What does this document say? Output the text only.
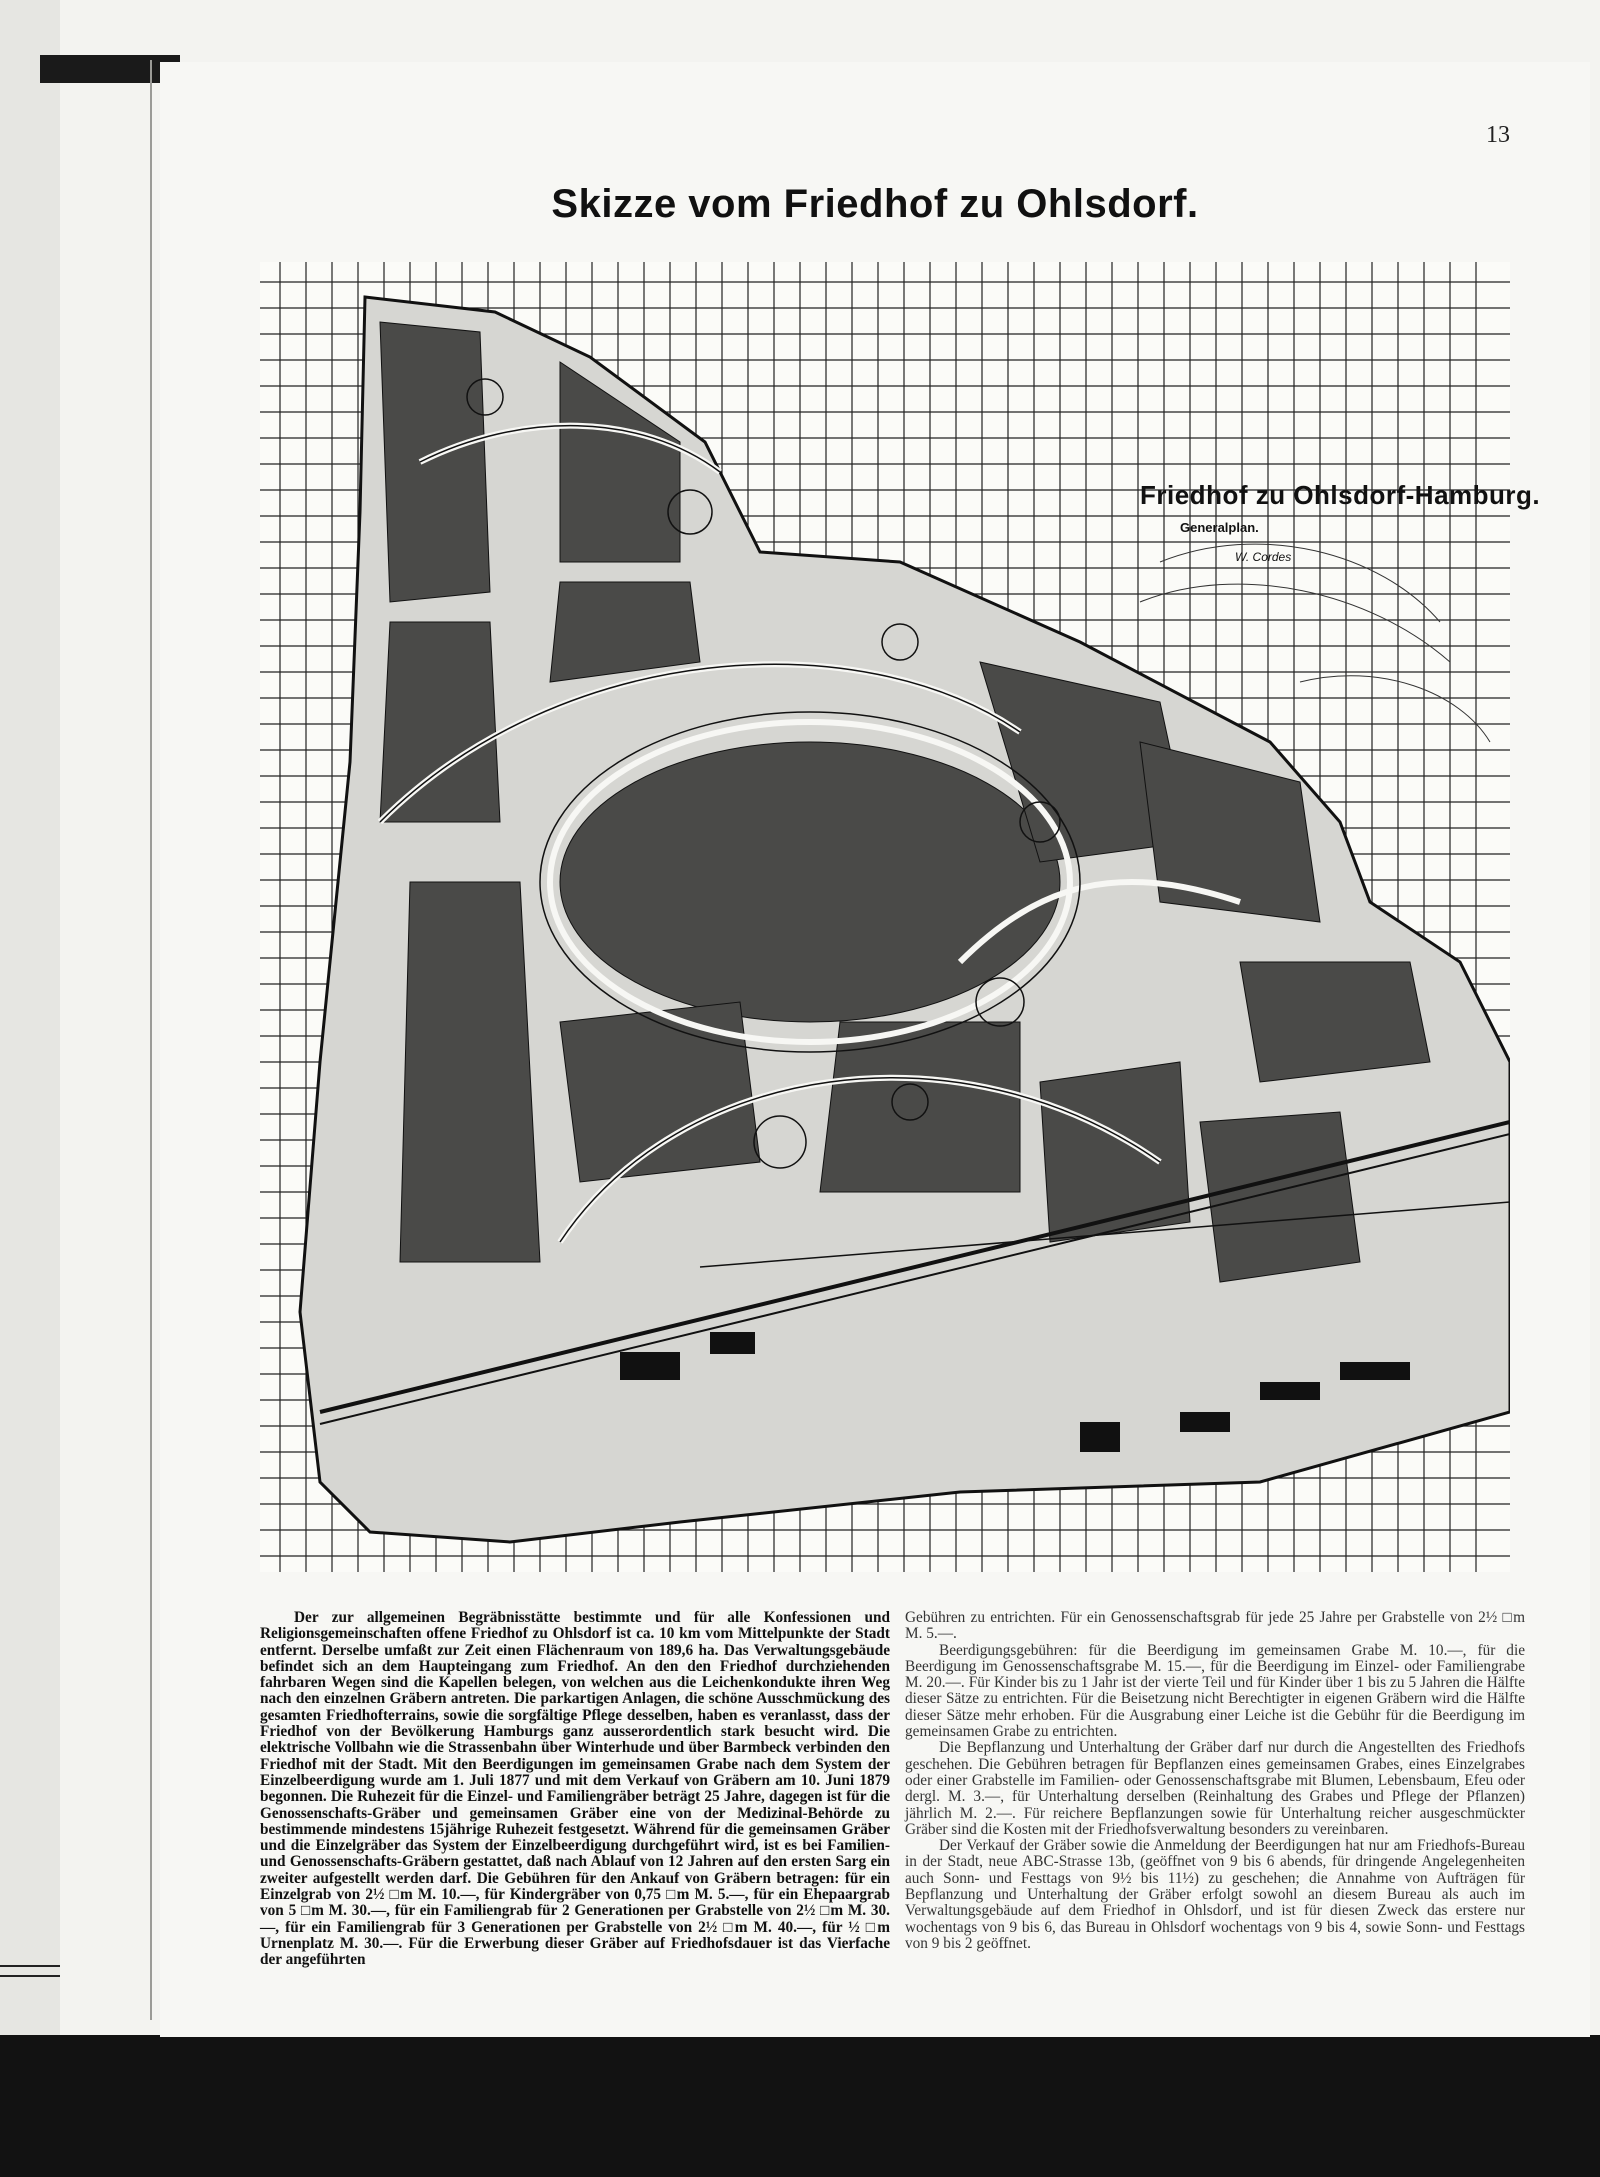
13
Skizze vom Friedhof zu Ohlsdorf.
Friedhof zu Ohlsdorf-Hamburg.
Generalplan.
W. Cordes

Der zur allgemeinen Begräbnisstätte bestimmte und für alle Konfessionen und Religionsgemeinschaften offene Friedhof zu Ohlsdorf ist ca. 10 km vom Mittelpunkte der Stadt entfernt. Derselbe umfaßt zur Zeit einen Flächenraum von 189,6 ha. Das Verwaltungsgebäude befindet sich an dem Haupteingang zum Friedhof. An den den Friedhof durchziehenden fahrbaren Wegen sind die Kapellen belegen, von welchen aus die Leichenkondukte ihren Weg nach den einzelnen Gräbern antreten. Die parkartigen Anlagen, die schöne Ausschmückung des gesamten Friedhofterrains, sowie die sorgfältige Pflege desselben, haben es veranlasst, dass der Friedhof von der Bevölkerung Hamburgs ganz ausserordentlich stark besucht wird. Die elektrische Vollbahn wie die Strassenbahn über Winterhude und über Barmbeck verbinden den Friedhof mit der Stadt. Mit den Beerdigungen im gemeinsamen Grabe nach dem System der Einzelbeerdigung wurde am 1. Juli 1877 und mit dem Verkauf von Gräbern am 10. Juni 1879 begonnen. Die Ruhezeit für die Einzel- und Familiengräber beträgt 25 Jahre, dagegen ist für die Genossenschafts-Gräber und gemeinsamen Gräber eine von der Medizinal-Behörde zu bestimmende mindestens 15jährige Ruhezeit festgesetzt. Während für die gemeinsamen Gräber und die Einzelgräber das System der Einzelbeerdigung durchgeführt wird, ist es bei Familien- und Genossenschafts-Gräbern gestattet, daß nach Ablauf von 12 Jahren auf den ersten Sarg ein zweiter aufgestellt werden darf. Die Gebühren für den Ankauf von Gräbern betragen: für ein Einzelgrab von 2½ □m M. 10.—, für Kindergräber von 0,75 □m M. 5.—, für ein Ehepaargrab von 5 □m M. 30.—, für ein Familiengrab für 2 Generationen per Grabstelle von 2½ □m M. 30.—, für ein Familiengrab für 3 Generationen per Grabstelle von 2½ □m M. 40.—, für ½ □m Urnenplatz M. 30.—. Für die Erwerbung dieser Gräber auf Friedhofsdauer ist das Vierfache der angeführten

Gebühren zu entrichten. Für ein Genossenschaftsgrab für jede 25 Jahre per Grabstelle von 2½ □m M. 5.—.

Beerdigungsgebühren: für die Beerdigung im gemeinsamen Grabe M. 10.—, für die Beerdigung im Genossenschaftsgrabe M. 15.—, für die Beerdigung im Einzel- oder Familiengrabe M. 20.—. Für Kinder bis zu 1 Jahr ist der vierte Teil und für Kinder über 1 bis zu 5 Jahren die Hälfte dieser Sätze zu entrichten. Für die Beisetzung nicht Berechtigter in eigenen Gräbern wird die Hälfte dieser Sätze mehr erhoben. Für die Ausgrabung einer Leiche ist die Gebühr für die Beerdigung im gemeinsamen Grabe zu entrichten.

Die Bepflanzung und Unterhaltung der Gräber darf nur durch die Angestellten des Friedhofs geschehen. Die Gebühren betragen für Bepflanzen eines gemeinsamen Grabes, eines Einzelgrabes oder einer Grabstelle im Familien- oder Genossenschaftsgrabe mit Blumen, Lebensbaum, Efeu oder dergl. M. 3.—, für Unterhaltung derselben (Reinhaltung des Grabes und Pflege der Pflanzen) jährlich M. 2.—. Für reichere Bepflanzungen sowie für Unterhaltung reicher ausgeschmückter Gräber sind die Kosten mit der Friedhofsverwaltung besonders zu vereinbaren.

Der Verkauf der Gräber sowie die Anmeldung der Beerdigungen hat nur am Friedhofs-Bureau in der Stadt, neue ABC-Strasse 13b, (geöffnet von 9 bis 6 abends, für dringende Angelegenheiten auch Sonn- und Festtags von 9½ bis 11½) zu geschehen; die Annahme von Aufträgen für Bepflanzung und Unterhaltung der Gräber erfolgt sowohl an diesem Bureau als auch im Verwaltungsgebäude auf dem Friedhof in Ohlsdorf, und ist für diesen Zweck das erstere nur wochentags von 9 bis 6, das Bureau in Ohlsdorf wochentags von 9 bis 4, sowie Sonn- und Festtags von 9 bis 2 geöffnet.
